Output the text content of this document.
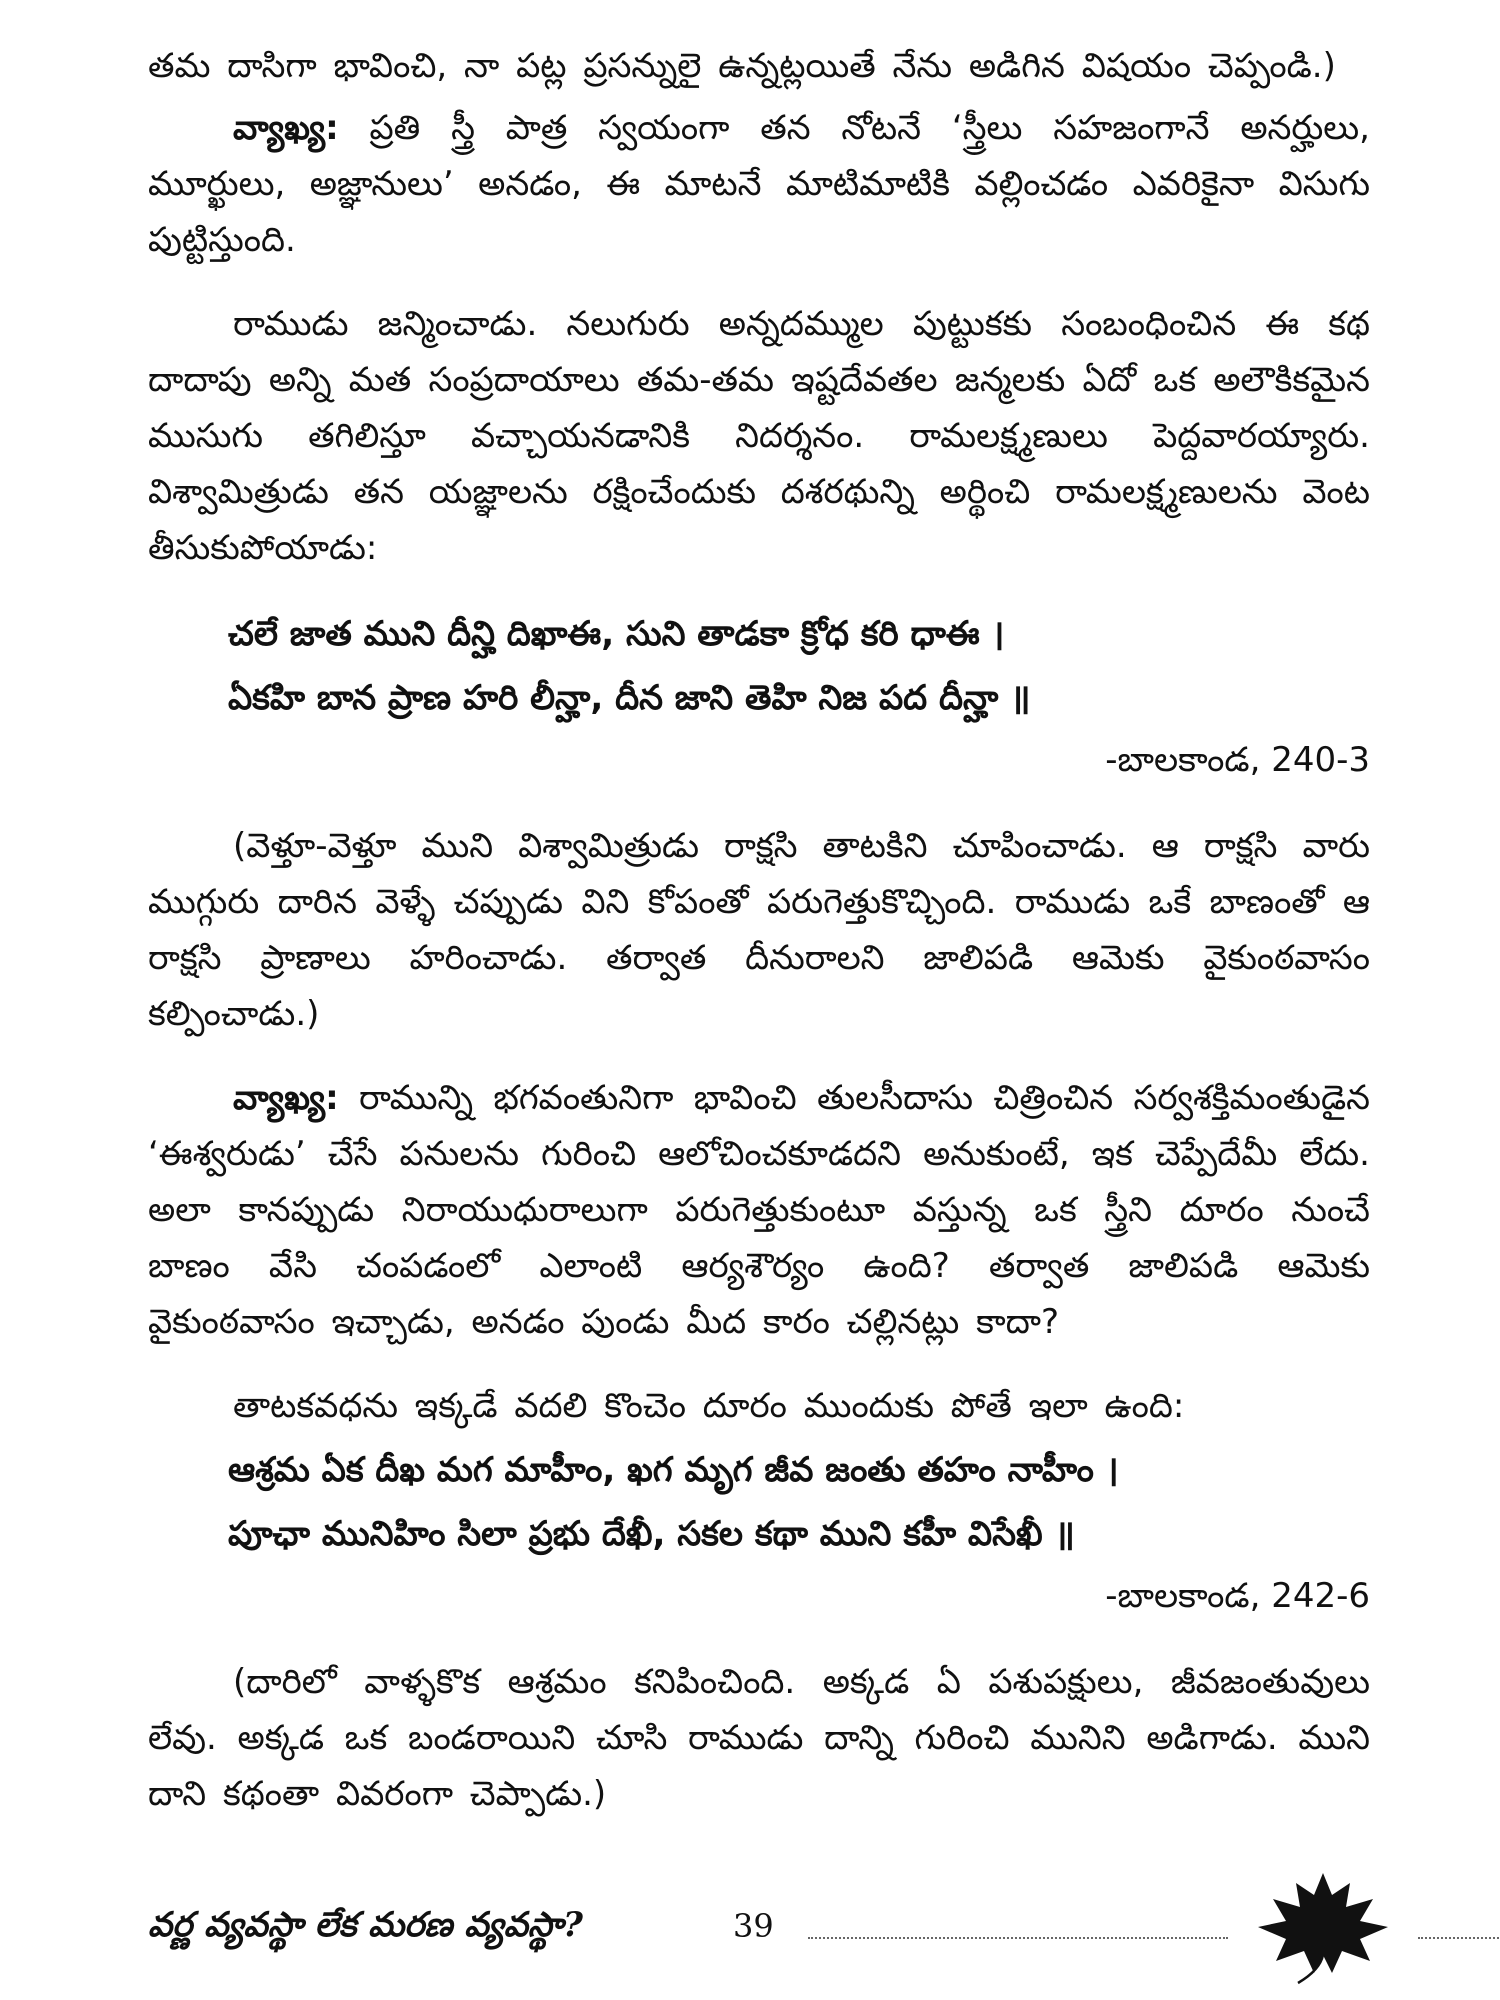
తమ దాసిగా భావించి, నా పట్ల ప్రసన్నులై ఉన్నట్లయితే నేను అడిగిన విషయం చెప్పండి.)

వ్యాఖ్య: ప్రతి స్త్రీ పాత్ర స్వయంగా తన నోటనే ‘స్త్రీలు సహజంగానే అనర్హులు, మూర్ఖులు, అజ్ఞానులు’ అనడం, ఈ మాటనే మాటిమాటికి వల్లించడం ఎవరికైనా విసుగు పుట్టిస్తుంది.

రాముడు జన్మించాడు. నలుగురు అన్నదమ్ముల పుట్టుకకు సంబంధించిన ఈ కథ దాదాపు అన్ని మత సంప్రదాయాలు తమ-తమ ఇష్టదేవతల జన్మలకు ఏదో ఒక అలౌకికమైన ముసుగు తగిలిస్తూ వచ్చాయనడానికి నిదర్శనం. రామలక్ష్మణులు పెద్దవారయ్యారు. విశ్వామిత్రుడు తన యజ్ఞాలను రక్షించేందుకు దశరథున్ని అర్థించి రామలక్ష్మణులను వెంట తీసుకుపోయాడు:

చలే జాత ముని దీన్హి దిఖాఈ, సుని తాడకా క్రోధ కరి ధాఈ ।
ఏకహి బాన ప్రాణ హరి లీన్హా, దీన జాని తెహి నిజ పద దీన్హా ॥
-బాలకాండ, 240-3

(వెళ్తూ-వెళ్తూ ముని విశ్వామిత్రుడు రాక్షసి తాటకిని చూపించాడు. ఆ రాక్షసి వారు ముగ్గురు దారిన వెళ్ళే చప్పుడు విని కోపంతో పరుగెత్తుకొచ్చింది. రాముడు ఒకే బాణంతో ఆ రాక్షసి ప్రాణాలు హరించాడు. తర్వాత దీనురాలని జాలిపడి ఆమెకు వైకుంఠవాసం కల్పించాడు.)

వ్యాఖ్య: రామున్ని భగవంతునిగా భావించి తులసీదాసు చిత్రించిన సర్వశక్తిమంతుడైన ‘ఈశ్వరుడు’ చేసే పనులను గురించి ఆలోచించకూడదని అనుకుంటే, ఇక చెప్పేదేమీ లేదు. అలా కానప్పుడు నిరాయుధురాలుగా పరుగెత్తుకుంటూ వస్తున్న ఒక స్త్రీని దూరం నుంచే బాణం వేసి చంపడంలో ఎలాంటి ఆర్యశౌర్యం ఉంది? తర్వాత జాలిపడి ఆమెకు వైకుంఠవాసం ఇచ్చాడు, అనడం పుండు మీద కారం చల్లినట్లు కాదా?

తాటకవధను ఇక్కడే వదలి కొంచెం దూరం ముందుకు పోతే ఇలా ఉంది:

ఆశ్రమ ఏక దీఖ మగ మాహీం, ఖగ మృగ జీవ జంతు తహం నాహీం ।
పూఛా మునిహిం సిలా ప్రభు దేఖీ, సకల కథా ముని కహీ విసేఖీ ॥
-బాలకాండ, 242-6

(దారిలో వాళ్ళకొక ఆశ్రమం కనిపించింది. అక్కడ ఏ పశుపక్షులు, జీవజంతువులు లేవు. అక్కడ ఒక బండరాయిని చూసి రాముడు దాన్ని గురించి మునిని అడిగాడు. ముని దాని కథంతా వివరంగా చెప్పాడు.)

వర్ణ వ్యవస్థా లేక మరణ వ్యవస్థా?	39
